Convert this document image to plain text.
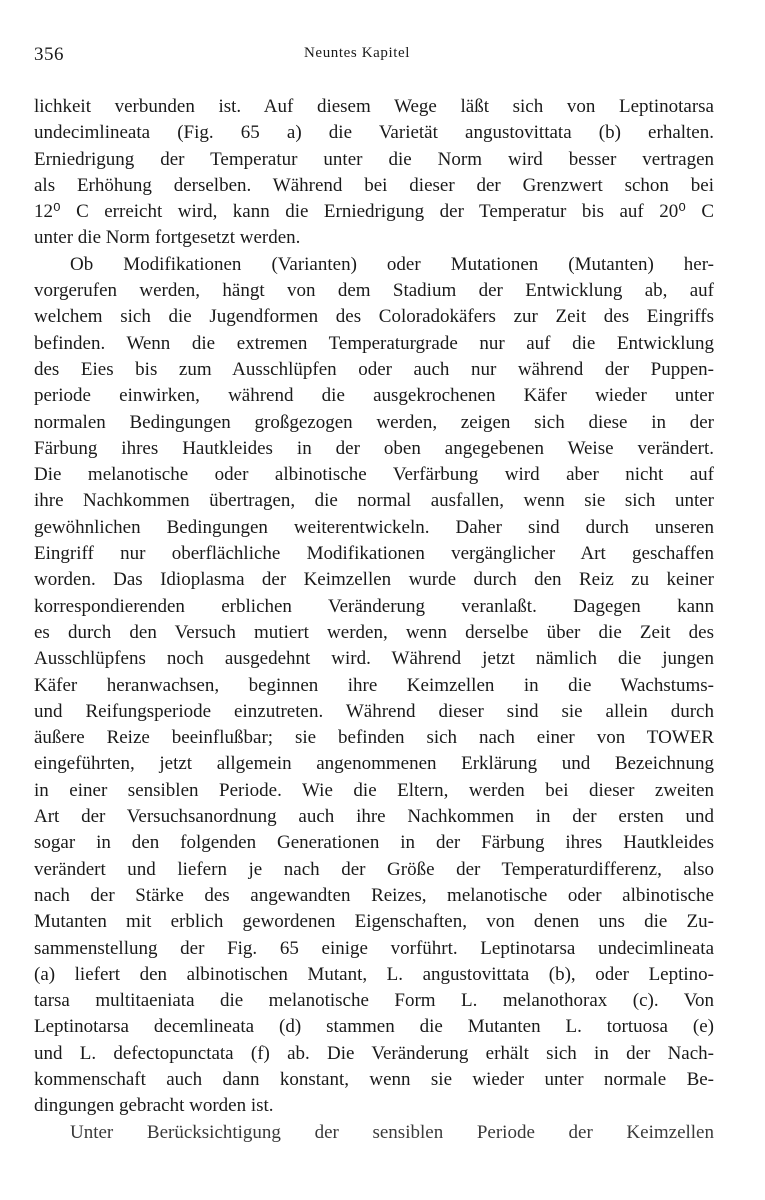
356	Neuntes Kapitel
lichkeit verbunden ist. Auf diesem Wege läßt sich von Leptinotarsa
undecimlineata (Fig. 65 a) die Varietät angustovittata (b) erhalten.
Erniedrigung der Temperatur unter die Norm wird besser vertragen
als Erhöhung derselben. Während bei dieser der Grenzwert schon bei
12⁰ C erreicht wird, kann die Erniedrigung der Temperatur bis auf 20⁰ C
unter die Norm fortgesetzt werden.
Ob Modifikationen (Varianten) oder Mutationen (Mutanten) her-
vorgerufen werden, hängt von dem Stadium der Entwicklung ab, auf
welchem sich die Jugendformen des Coloradokäfers zur Zeit des Eingriffs
befinden. Wenn die extremen Temperaturgrade nur auf die Entwicklung
des Eies bis zum Ausschlüpfen oder auch nur während der Puppen-
periode einwirken, während die ausgekrochenen Käfer wieder unter
normalen Bedingungen großgezogen werden, zeigen sich diese in der
Färbung ihres Hautkleides in der oben angegebenen Weise verändert.
Die melanotische oder albinotische Verfärbung wird aber nicht auf
ihre Nachkommen übertragen, die normal ausfallen, wenn sie sich unter
gewöhnlichen Bedingungen weiterentwickeln. Daher sind durch unseren
Eingriff nur oberflächliche Modifikationen vergänglicher Art geschaffen
worden. Das Idioplasma der Keimzellen wurde durch den Reiz zu keiner
korrespondierenden erblichen Veränderung veranlaßt. Dagegen kann
es durch den Versuch mutiert werden, wenn derselbe über die Zeit des
Ausschlüpfens noch ausgedehnt wird. Während jetzt nämlich die jungen
Käfer heranwachsen, beginnen ihre Keimzellen in die Wachstums-
und Reifungsperiode einzutreten. Während dieser sind sie allein durch
äußere Reize beeinflußbar; sie befinden sich nach einer von TOWER
eingeführten, jetzt allgemein angenommenen Erklärung und Bezeichnung
in einer sensiblen Periode. Wie die Eltern, werden bei dieser zweiten
Art der Versuchsanordnung auch ihre Nachkommen in der ersten und
sogar in den folgenden Generationen in der Färbung ihres Hautkleides
verändert und liefern je nach der Größe der Temperaturdifferenz, also
nach der Stärke des angewandten Reizes, melanotische oder albinotische
Mutanten mit erblich gewordenen Eigenschaften, von denen uns die Zu-
sammenstellung der Fig. 65 einige vorführt. Leptinotarsa undecimlineata
(a) liefert den albinotischen Mutant, L. angustovittata (b), oder Leptino-
tarsa multitaeniata die melanotische Form L. melanothorax (c). Von
Leptinotarsa decemlineata (d) stammen die Mutanten L. tortuosa (e)
und L. defectopunctata (f) ab. Die Veränderung erhält sich in der Nach-
kommenschaft auch dann konstant, wenn sie wieder unter normale Be-
dingungen gebracht worden ist.
Unter Berücksichtigung der sensiblen Periode der Keimzellen
